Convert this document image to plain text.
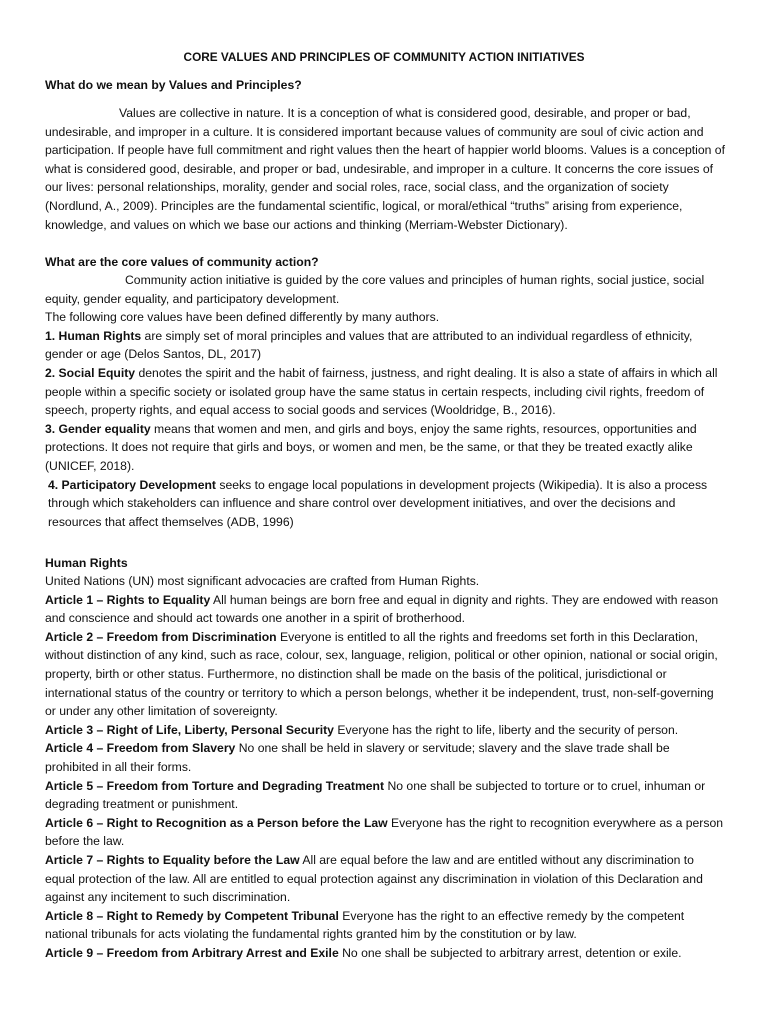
CORE VALUES AND PRINCIPLES OF COMMUNITY ACTION INITIATIVES
What do we mean by Values and Principles?

Values are collective in nature. It is a conception of what is considered good, desirable, and proper or bad, undesirable, and improper in a culture. It is considered important because values of community are soul of civic action and participation. If people have full commitment and right values then the heart of happier world blooms. Values is a conception of what is considered good, desirable, and proper or bad, undesirable, and improper in a culture. It concerns the core issues of our lives: personal relationships, morality, gender and social roles, race, social class, and the organization of society (Nordlund, A., 2009). Principles are the fundamental scientific, logical, or moral/ethical “truths” arising from experience, knowledge, and values on which we base our actions and thinking (Merriam-Webster Dictionary).

What are the core values of community action?

Community action initiative is guided by the core values and principles of human rights, social justice, social equity, gender equality, and participatory development.

The following core values have been defined differently by many authors.

1. Human Rights are simply set of moral principles and values that are attributed to an individual regardless of ethnicity, gender or age (Delos Santos, DL, 2017)

2. Social Equity denotes the spirit and the habit of fairness, justness, and right dealing. It is also a state of affairs in which all people within a specific society or isolated group have the same status in certain respects, including civil rights, freedom of speech, property rights, and equal access to social goods and services (Wooldridge, B., 2016).

3. Gender equality means that women and men, and girls and boys, enjoy the same rights, resources, opportunities and protections. It does not require that girls and boys, or women and men, be the same, or that they be treated exactly alike (UNICEF, 2018).

4. Participatory Development seeks to engage local populations in development projects (Wikipedia). It is also a process through which stakeholders can influence and share control over development initiatives, and over the decisions and resources that affect themselves (ADB, 1996)

Human Rights

United Nations (UN) most significant advocacies are crafted from Human Rights.

Article 1 – Rights to Equality All human beings are born free and equal in dignity and rights. They are endowed with reason and conscience and should act towards one another in a spirit of brotherhood.

Article 2 – Freedom from Discrimination Everyone is entitled to all the rights and freedoms set forth in this Declaration, without distinction of any kind, such as race, colour, sex, language, religion, political or other opinion, national or social origin, property, birth or other status. Furthermore, no distinction shall be made on the basis of the political, jurisdictional or international status of the country or territory to which a person belongs, whether it be independent, trust, non-self-governing or under any other limitation of sovereignty.

Article 3 – Right of Life, Liberty, Personal Security Everyone has the right to life, liberty and the security of person.

Article 4 – Freedom from Slavery No one shall be held in slavery or servitude; slavery and the slave trade shall be prohibited in all their forms.

Article 5 – Freedom from Torture and Degrading Treatment No one shall be subjected to torture or to cruel, inhuman or degrading treatment or punishment.

Article 6 – Right to Recognition as a Person before the Law Everyone has the right to recognition everywhere as a person before the law.

Article 7 – Rights to Equality before the Law All are equal before the law and are entitled without any discrimination to equal protection of the law. All are entitled to equal protection against any discrimination in violation of this Declaration and against any incitement to such discrimination.

Article 8 – Right to Remedy by Competent Tribunal Everyone has the right to an effective remedy by the competent national tribunals for acts violating the fundamental rights granted him by the constitution or by law.

Article 9 – Freedom from Arbitrary Arrest and Exile No one shall be subjected to arbitrary arrest, detention or exile.
